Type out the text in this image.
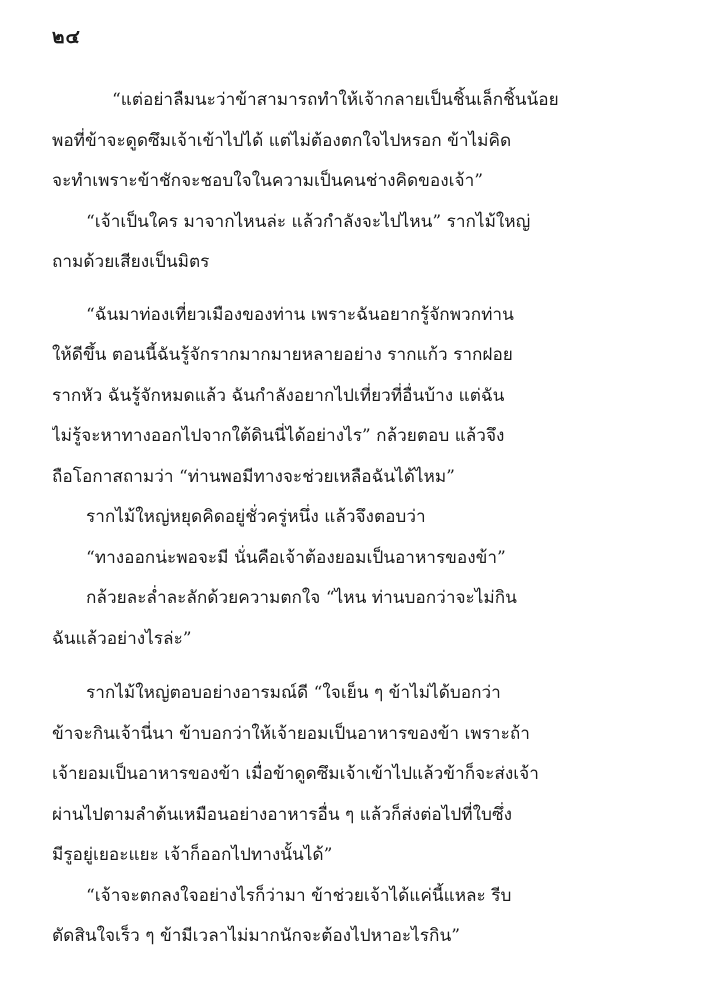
๒๔

“แต่อย่าลืมนะว่าข้าสามารถทำให้เจ้ากลายเป็นชิ้นเล็กชิ้นน้อย
พอที่ข้าจะดูดซึมเจ้าเข้าไปได้ แต่ไม่ต้องตกใจไปหรอก ข้าไม่คิด
จะทำเพราะข้าชักจะชอบใจในความเป็นคนช่างคิดของเจ้า”

“เจ้าเป็นใคร มาจากไหนล่ะ แล้วกำลังจะไปไหน” รากไม้ใหญ่
ถามด้วยเสียงเป็นมิตร

“ฉันมาท่องเที่ยวเมืองของท่าน เพราะฉันอยากรู้จักพวกท่าน
ให้ดีขึ้น ตอนนี้ฉันรู้จักรากมากมายหลายอย่าง รากแก้ว รากฝอย
รากหัว ฉันรู้จักหมดแล้ว ฉันกำลังอยากไปเที่ยวที่อื่นบ้าง แต่ฉัน
ไม่รู้จะหาทางออกไปจากใต้ดินนี่ได้อย่างไร” กล้วยตอบ แล้วจึง
ถือโอกาสถามว่า “ท่านพอมีทางจะช่วยเหลือฉันได้ไหม”

รากไม้ใหญ่หยุดคิดอยู่ชั่วครู่หนึ่ง แล้วจึงตอบว่า

“ทางออกน่ะพอจะมี นั่นคือเจ้าต้องยอมเป็นอาหารของข้า”

กล้วยละล่ำละลักด้วยความตกใจ “ไหน ท่านบอกว่าจะไม่กิน
ฉันแล้วอย่างไรล่ะ”

รากไม้ใหญ่ตอบอย่างอารมณ์ดี “ใจเย็น ๆ ข้าไม่ได้บอกว่า
ข้าจะกินเจ้านี่นา ข้าบอกว่าให้เจ้ายอมเป็นอาหารของข้า เพราะถ้า
เจ้ายอมเป็นอาหารของข้า เมื่อข้าดูดซึมเจ้าเข้าไปแล้วข้าก็จะส่งเจ้า
ผ่านไปตามลำต้นเหมือนอย่างอาหารอื่น ๆ แล้วก็ส่งต่อไปที่ใบซึ่ง
มีรูอยู่เยอะแยะ เจ้าก็ออกไปทางนั้นได้”

“เจ้าจะตกลงใจอย่างไรก็ว่ามา ข้าช่วยเจ้าได้แค่นี้แหละ รีบ
ตัดสินใจเร็ว ๆ ข้ามีเวลาไม่มากนักจะต้องไปหาอะไรกิน”
